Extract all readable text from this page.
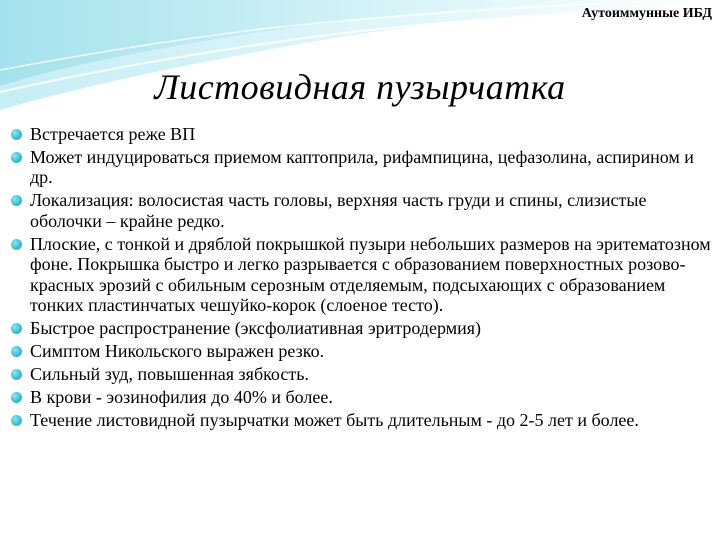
Аутоиммунные ИБД
Листовидная пузырчатка
Встречается реже ВП
Может индуцироваться приемом каптоприла, рифампицина, цефазолина, аспирином и др.
Локализация: волосистая часть головы, верхняя часть груди и спины, слизистые оболочки – крайне редко.
Плоские, с тонкой и дряблой покрышкой пузыри небольших размеров на эритематозном фоне. Покрышка быстро и легко разрывается с образованием поверхностных розово-красных эрозий с обильным серозным отделяемым, подсыхающих с образованием тонких пластинчатых чешуйко-корок (слоеное тесто).
Быстрое распространение (эксфолиативная эритродермия)
Симптом Никольского выражен резко.
Сильный зуд, повышенная зябкость.
В крови - эозинофилия до 40% и более.
Течение листовидной пузырчатки может быть длительным - до 2-5 лет и более.
